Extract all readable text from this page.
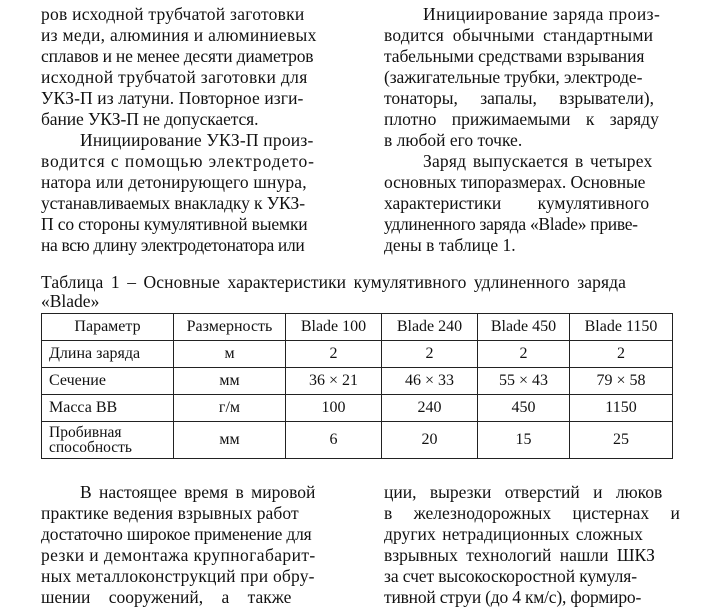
ров исходной трубчатой заготовки
из меди, алюминия и алюминиевых
сплавов и не менее десяти диаметров
исходной трубчатой заготовки для
УКЗ-П из латуни. Повторное изги-
бание УКЗ-П не допускается.
Инициирование УКЗ-П произ-
водится с помощью электродето-
натора или детонирующего шнура,
устанавливаемых внакладку к УКЗ-
П со стороны кумулятивной выемки
на всю длину электродетонатора или
Инициирование заряда произ-
водится обычными стандартными
табельными средствами взрывания
(зажигательные трубки, электроде-
тонаторы, запалы, взрыватели),
плотно прижимаемыми к заряду
в любой его точке.
Заряд выпускается в четырех
основных типоразмерах. Основные
характеристики кумулятивного
удлиненного заряда «Blade» приве-
дены в таблице 1.
Таблица 1 – Основные характеристики кумулятивного удлиненного заряда
«Blade»
Параметр	Размерность	Blade 100	Blade 240	Blade 450	Blade 1150
Длина заряда	м	2	2	2	2
Сечение	мм	36 × 21	46 × 33	55 × 43	79 × 58
Масса ВВ	г/м	100	240	450	1150
Пробивная
способность	мм	6	20	15	25
В настоящее время в мировой
практике ведения взрывных работ
достаточно широкое применение для
резки и демонтажа крупногабарит-
ных металлоконструкций при обру-
шении сооружений, а также
ции, вырезки отверстий и люков
в железнодорожных цистернах и
других нетрадиционных сложных
взрывных технологий нашли ШКЗ
за счет высокоскоростной кумуля-
тивной струи (до 4 км/с), формиро-
